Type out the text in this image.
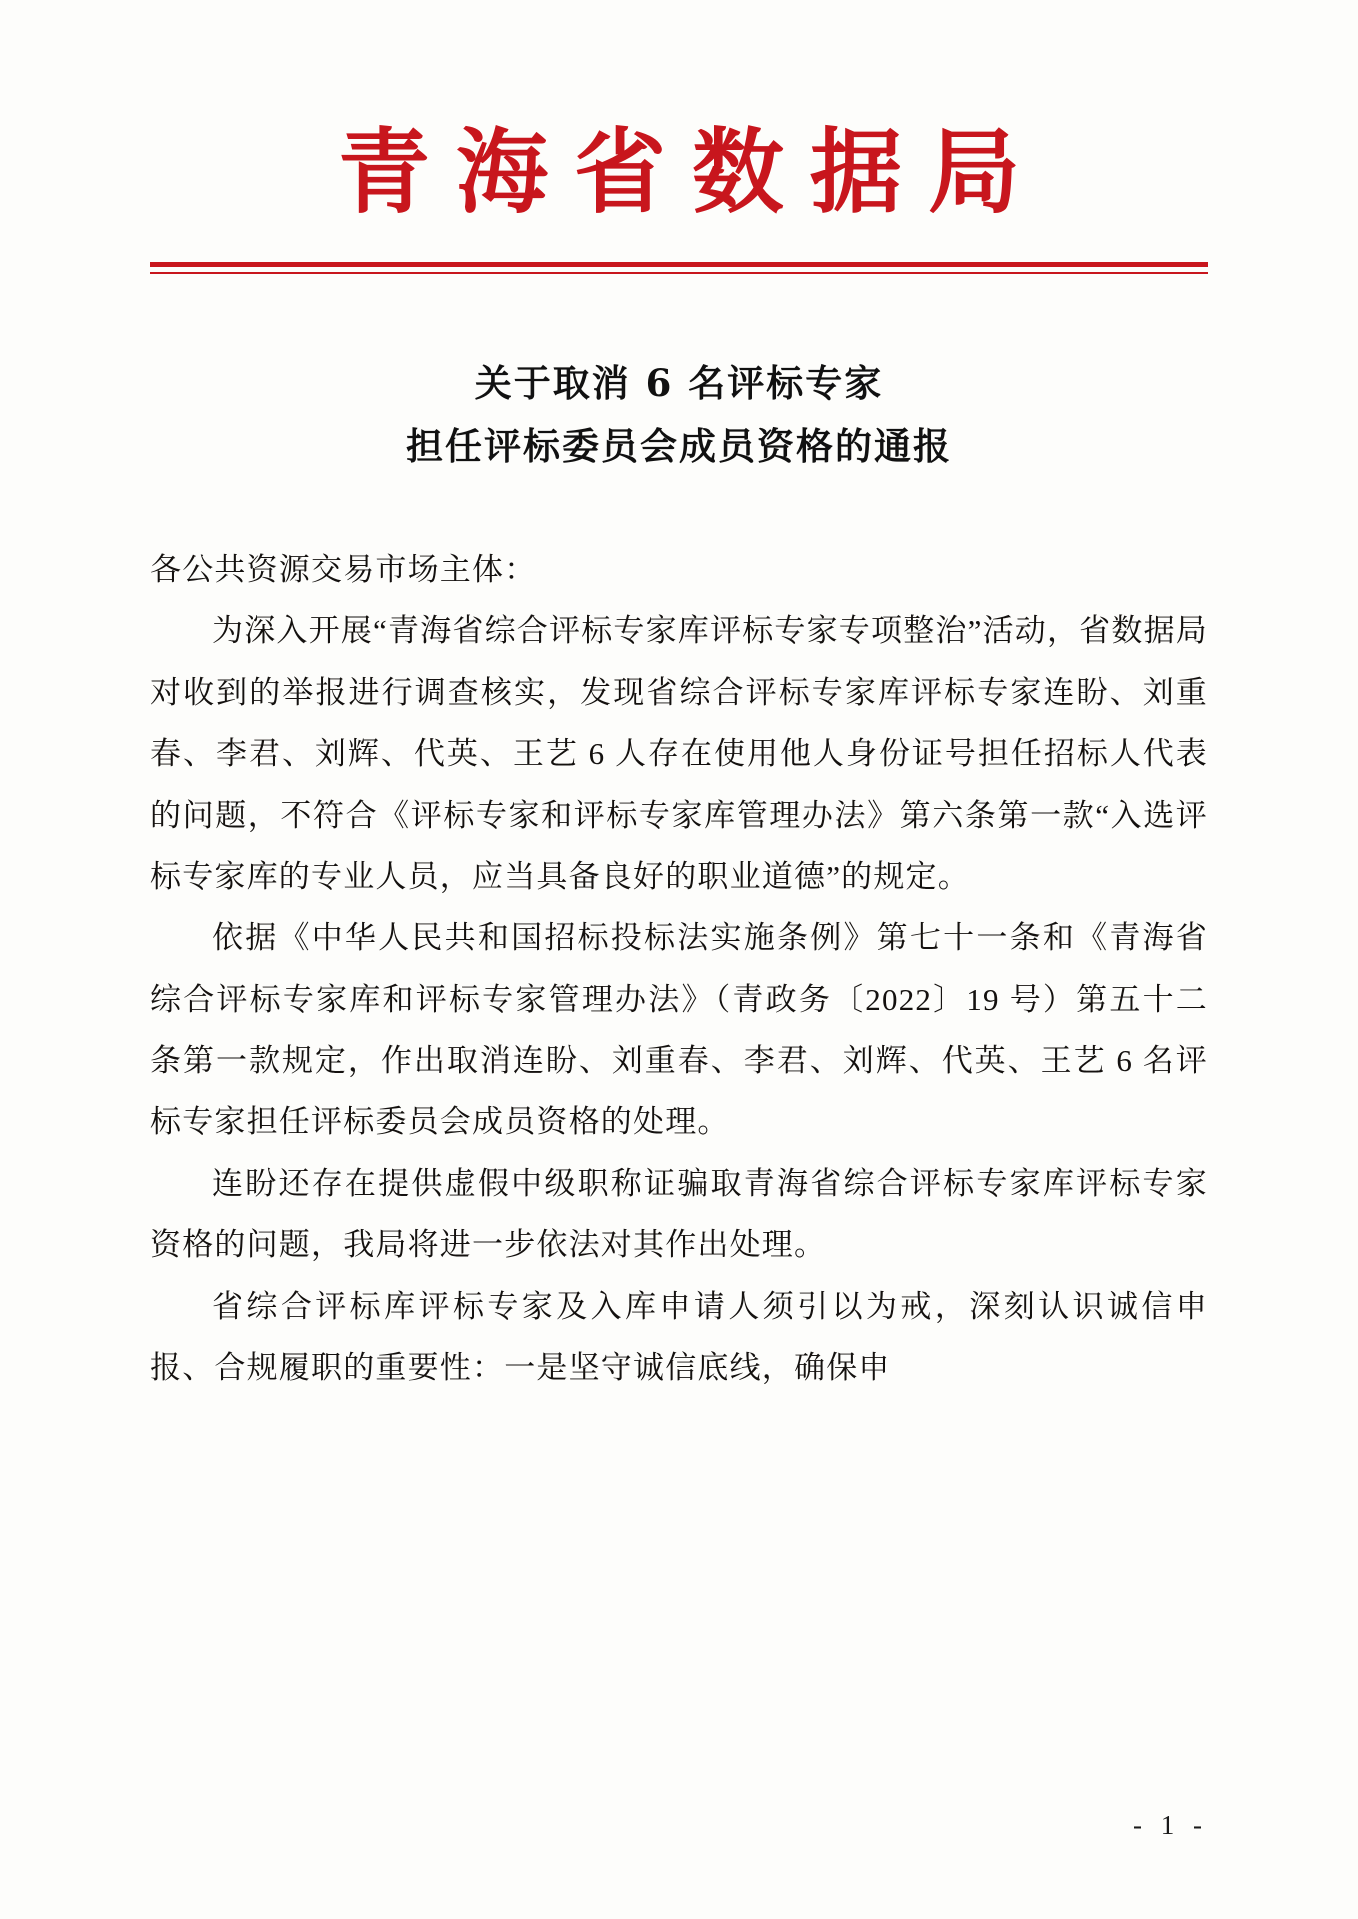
青海省数据局
关于取消 6 名评标专家
担任评标委员会成员资格的通报

各公共资源交易市场主体：

为深入开展“青海省综合评标专家库评标专家专项整治”活动，省数据局对收到的举报进行调查核实，发现省综合评标专家库评标专家连盼、刘重春、李君、刘辉、代英、王艺 6 人存在使用他人身份证号担任招标人代表的问题，不符合《评标专家和评标专家库管理办法》第六条第一款“入选评标专家库的专业人员，应当具备良好的职业道德”的规定。

依据《中华人民共和国招标投标法实施条例》第七十一条和《青海省综合评标专家库和评标专家管理办法》（青政务〔2022〕19 号）第五十二条第一款规定，作出取消连盼、刘重春、李君、刘辉、代英、王艺 6 名评标专家担任评标委员会成员资格的处理。

连盼还存在提供虚假中级职称证骗取青海省综合评标专家库评标专家资格的问题，我局将进一步依法对其作出处理。

省综合评标库评标专家及入库申请人须引以为戒，深刻认识诚信申报、合规履职的重要性：一是坚守诚信底线，确保申

- 1 -
